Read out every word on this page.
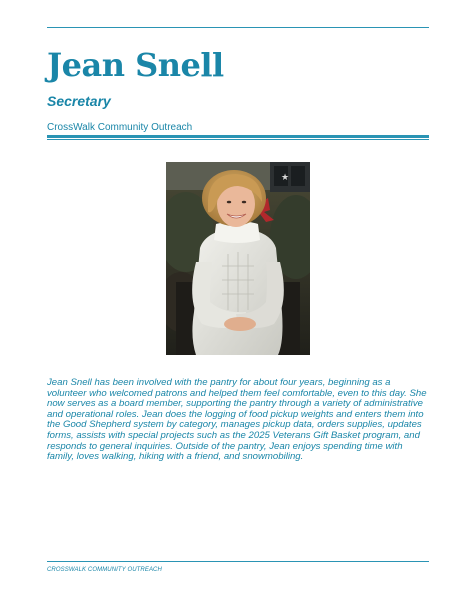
Jean Snell
Secretary
CrossWalk Community Outreach
★

Jean Snell has been involved with the pantry for about four years, beginning as a volunteer who welcomed patrons and helped them feel comfortable, even to this day. She now serves as a board member, supporting the pantry through a variety of administrative and operational roles. Jean does the logging of food pickup weights and enters them into the Good Shepherd system by category, manages pickup data, orders supplies, updates forms, assists with special projects such as the 2025 Veterans Gift Basket program, and responds to general inquiries. Outside of the pantry, Jean enjoys spending time with family, loves walking, hiking with a friend, and snowmobiling.

CROSSWALK COMMUNITY OUTREACH
